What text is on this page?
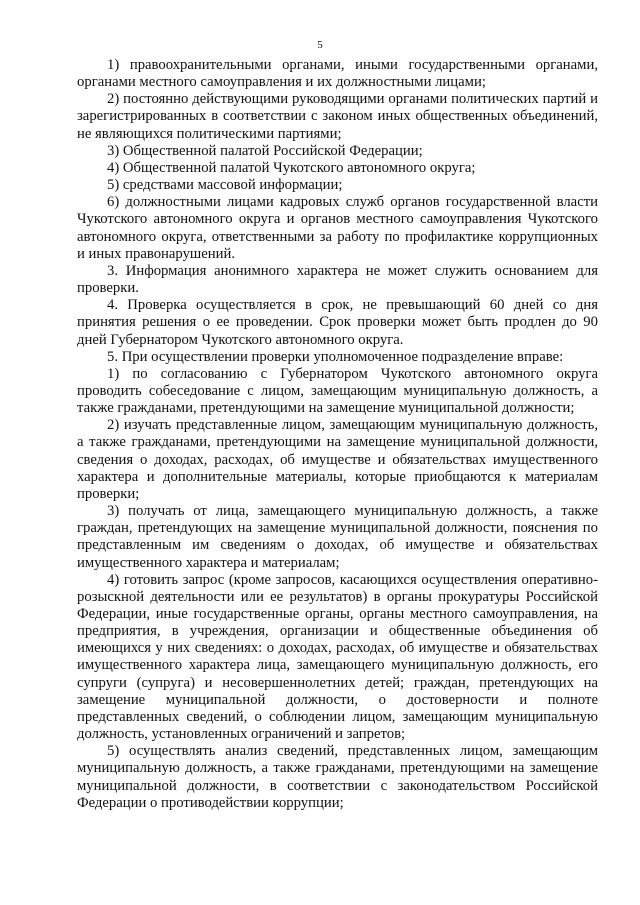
5

1) правоохранительными органами, иными государственными органами, органами местного самоуправления и их должностными лицами;

2) постоянно действующими руководящими органами политических партий и зарегистрированных в соответствии с законом иных общественных объединений, не являющихся политическими партиями;

3) Общественной палатой Российской Федерации;

4) Общественной палатой Чукотского автономного округа;

5) средствами массовой информации;

6) должностными лицами кадровых служб органов государственной власти Чукотского автономного округа и органов местного самоуправления Чукотского автономного округа, ответственными за работу по профилактике коррупционных и иных правонарушений.

3. Информация анонимного характера не может служить основанием для проверки.

4. Проверка осуществляется в срок, не превышающий 60 дней со дня принятия решения о ее проведении. Срок проверки может быть продлен до 90 дней Губернатором Чукотского автономного округа.

5. При осуществлении проверки уполномоченное подразделение вправе:

1) по согласованию с Губернатором Чукотского автономного округа проводить собеседование с лицом, замещающим муниципальную должность, а также гражданами, претендующими на замещение муниципальной должности;

2) изучать представленные лицом, замещающим муниципальную должность, а также гражданами, претендующими на замещение муниципальной должности, сведения о доходах, расходах, об имуществе и обязательствах имущественного характера и дополнительные материалы, которые приобщаются к материалам проверки;

3) получать от лица, замещающего муниципальную должность, а также граждан, претендующих на замещение муниципальной должности, пояснения по представленным им сведениям о доходах, об имуществе и обязательствах имущественного характера и материалам;

4) готовить запрос (кроме запросов, касающихся осуществления оперативно-розыскной деятельности или ее результатов) в органы прокуратуры Российской Федерации, иные государственные органы, органы местного самоуправления, на предприятия, в учреждения, организации и общественные объединения об имеющихся у них сведениях: о доходах, расходах, об имуществе и обязательствах имущественного характера лица, замещающего муниципальную должность, его супруги (супруга) и несовершеннолетних детей; граждан, претендующих на замещение муниципальной должности, о достоверности и полноте представленных сведений, о соблюдении лицом, замещающим муниципальную должность, установленных ограничений и запретов;

5) осуществлять анализ сведений, представленных лицом, замещающим муниципальную должность, а также гражданами, претендующими на замещение муниципальной должности, в соответствии с законодательством Российской Федерации о противодействии коррупции;
